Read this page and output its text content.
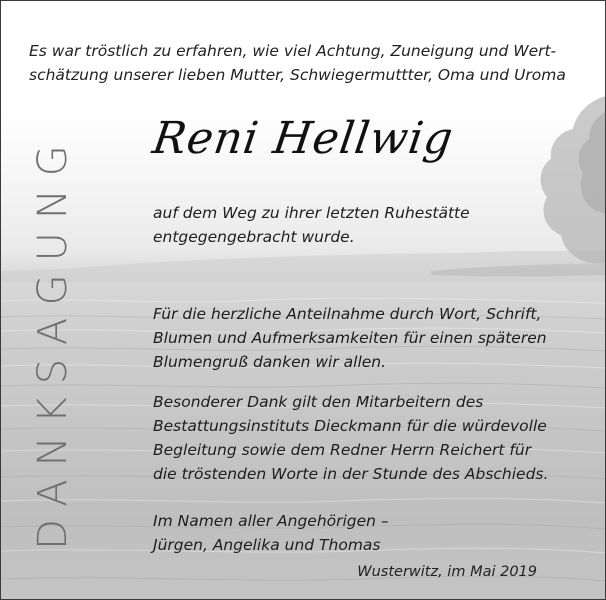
Es war tröstlich zu erfahren, wie viel Achtung, Zuneigung und Wert-
schätzung unserer lieben Mutter, Schwiegermuttter, Oma und Uroma
DANKSAGUNG Reni Hellwig
auf dem Weg zu ihrer letzten Ruhestätte
entgegengebracht wurde.
Für die herzliche Anteilnahme durch Wort, Schrift,
Blumen und Aufmerksamkeiten für einen späteren
Blumengruß danken wir allen.
Besonderer Dank gilt den Mitarbeitern des
Bestattungsinstituts Dieckmann für die würdevolle
Begleitung sowie dem Redner Herrn Reichert für
die tröstenden Worte in der Stunde des Abschieds.
Im Namen aller Angehörigen –
Jürgen, Angelika und Thomas
Wusterwitz, im Mai 2019
